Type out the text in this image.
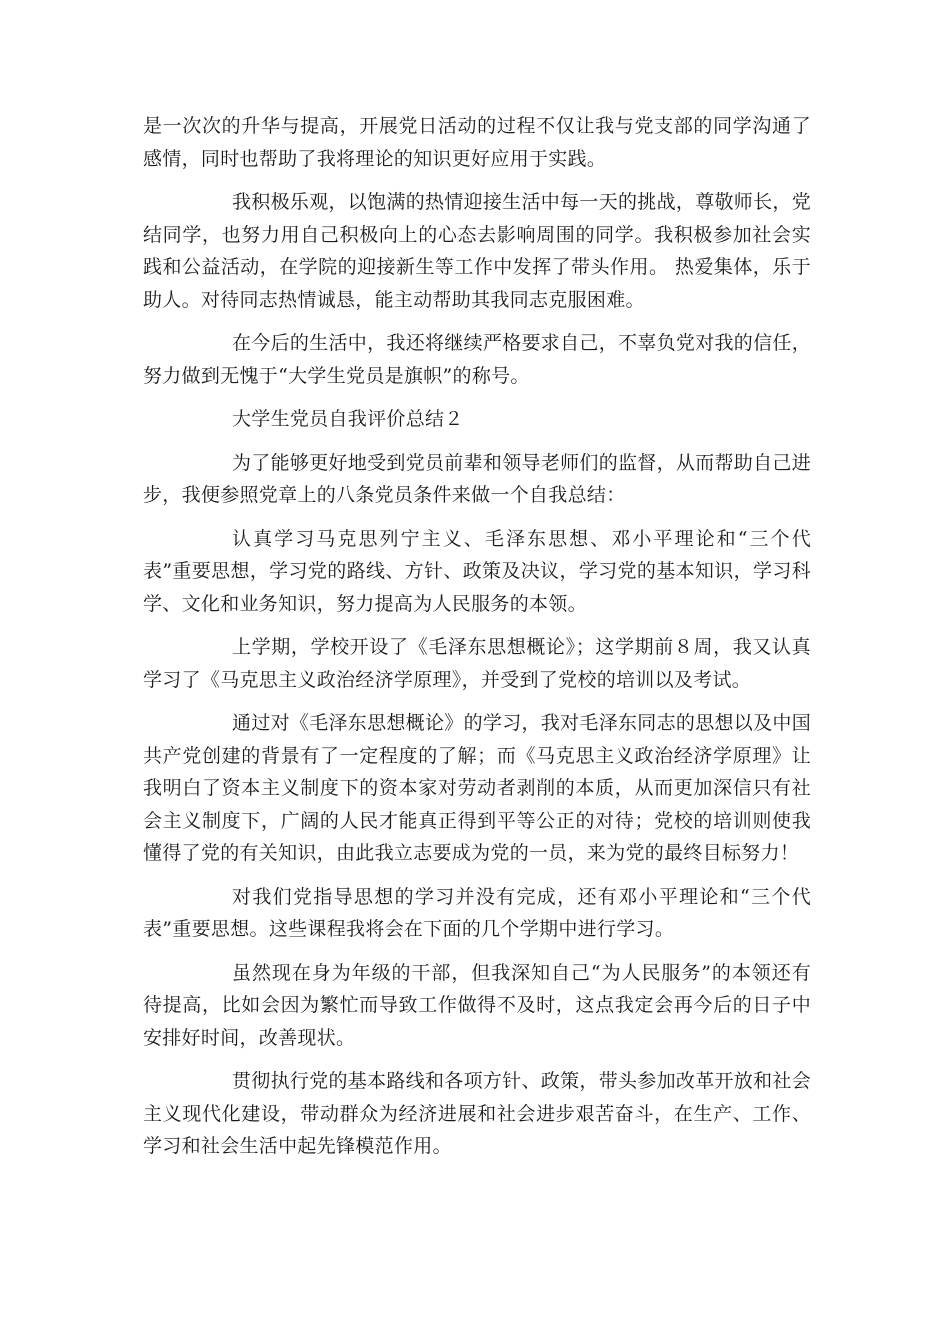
是一次次的升华与提高，开展党日活动的过程不仅让我与党支部的同学沟通了感情，同时也帮助了我将理论的知识更好应用于实践。

我积极乐观，以饱满的热情迎接生活中每一天的挑战，尊敬师长，党结同学，也努力用自己积极向上的心态去影响周围的同学。我积极参加社会实践和公益活动，在学院的迎接新生等工作中发挥了带头作用。 热爱集体，乐于助人。对待同志热情诚恳，能主动帮助其我同志克服困难。

在今后的生活中，我还将继续严格要求自己，不辜负党对我的信任，努力做到无愧于“大学生党员是旗帜”的称号。

大学生党员自我评价总结２

为了能够更好地受到党员前辈和领导老师们的监督，从而帮助自己进步，我便参照党章上的八条党员条件来做一个自我总结：

认真学习马克思列宁主义、毛泽东思想、邓小平理论和“三个代表”重要思想，学习党的路线、方针、政策及决议，学习党的基本知识，学习科学、文化和业务知识，努力提高为人民服务的本领。

上学期，学校开设了《毛泽东思想概论》；这学期前８周，我又认真学习了《马克思主义政治经济学原理》，并受到了党校的培训以及考试。

通过对《毛泽东思想概论》的学习，我对毛泽东同志的思想以及中国共产党创建的背景有了一定程度的了解；而《马克思主义政治经济学原理》让我明白了资本主义制度下的资本家对劳动者剥削的本质，从而更加深信只有社会主义制度下，广阔的人民才能真正得到平等公正的对待；党校的培训则使我懂得了党的有关知识，由此我立志要成为党的一员，来为党的最终目标努力！

对我们党指导思想的学习并没有完成，还有邓小平理论和“三个代表”重要思想。这些课程我将会在下面的几个学期中进行学习。

虽然现在身为年级的干部，但我深知自己“为人民服务”的本领还有待提高，比如会因为繁忙而导致工作做得不及时，这点我定会再今后的日子中安排好时间，改善现状。

贯彻执行党的基本路线和各项方针、政策，带头参加改革开放和社会主义现代化建设，带动群众为经济进展和社会进步艰苦奋斗，在生产、工作、学习和社会生活中起先锋模范作用。
